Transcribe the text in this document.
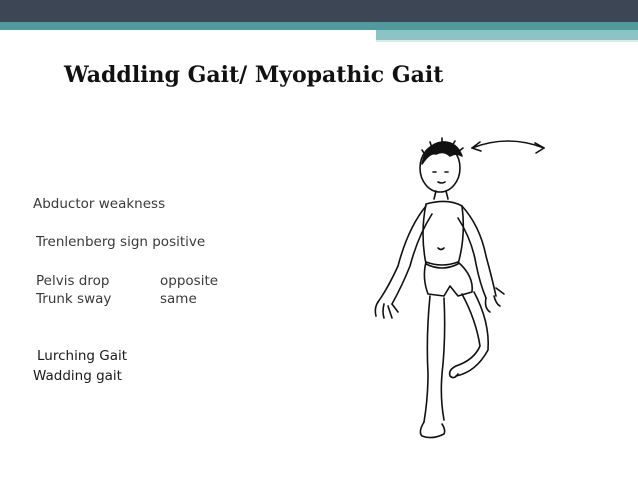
Waddling Gait/ Myopathic Gait
Abductor weakness
Trenlenberg sign positive
Pelvis drop	opposite
Trunk sway	same
Lurching Gait
Wadding gait
